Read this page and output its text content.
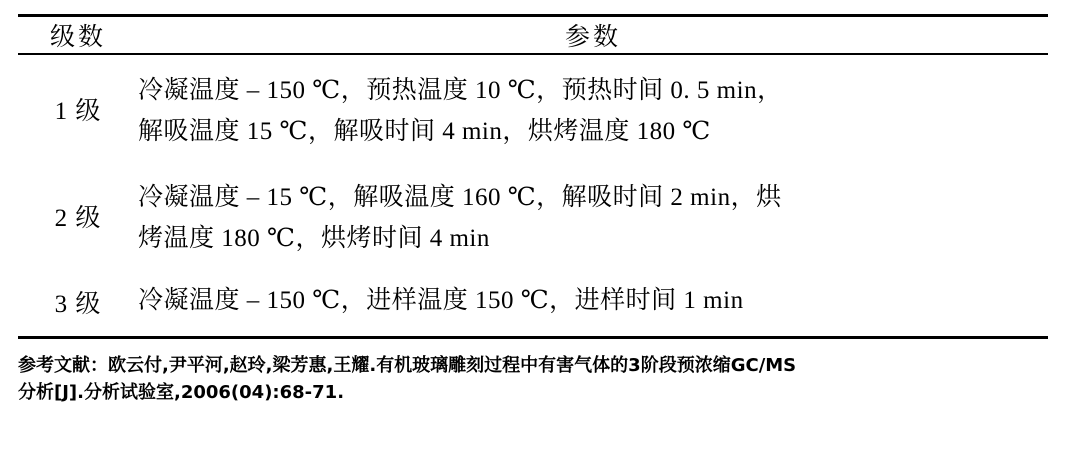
级数	参数
1 级	冷凝温度 – 150 ℃，预热温度 10 ℃，预热时间 0. 5 min，
解吸温度 15 ℃，解吸时间 4 min，烘烤温度 180 ℃
2 级	冷凝温度 – 15 ℃，解吸温度 160 ℃，解吸时间 2 min，烘
烤温度 180 ℃，烘烤时间 4 min
3 级	冷凝温度 – 150 ℃，进样温度 150 ℃，进样时间 1 min
参考文献：欧云付,尹平河,赵玲,梁芳惠,王耀.有机玻璃雕刻过程中有害气体的3阶段预浓缩GC/MS
分析[J].分析试验室,2006(04):68-71.
